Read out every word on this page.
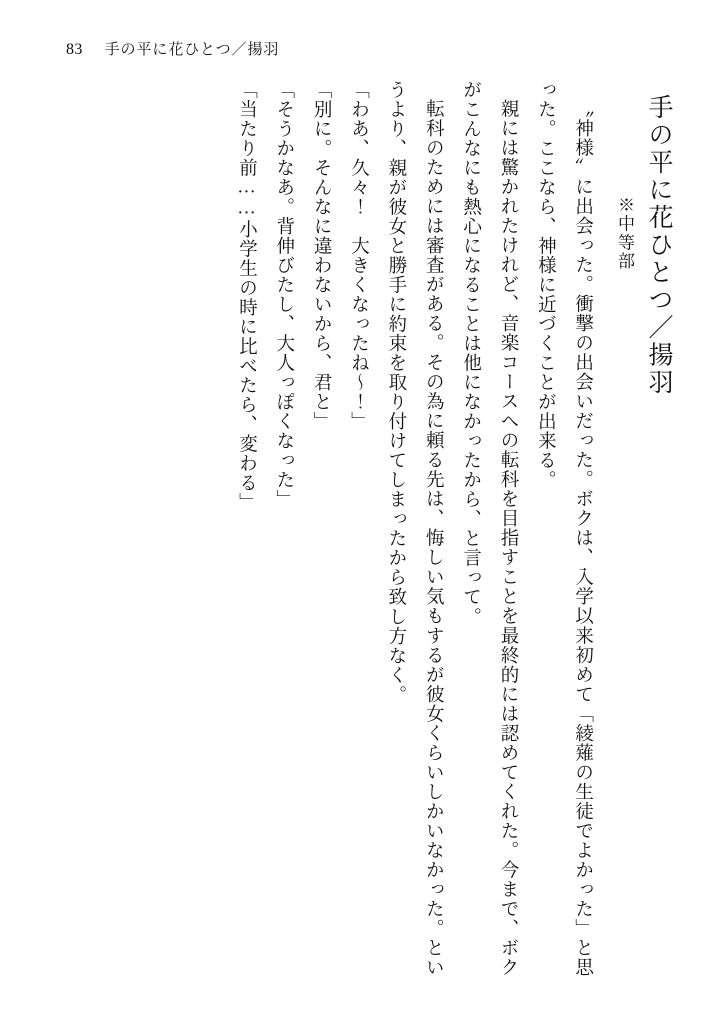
83 手の平に花ひとつ／揚羽
手の平に花ひとつ／揚羽
※中等部

〝神様〟に出会った。衝撃の出会いだった。ボクは、入学以来初めて「綾薙の生徒でよかった」と思った。ここなら、神様に近づくことが出来る。

親には驚かれたけれど、音楽コースへの転科を目指すことを最終的には認めてくれた。今まで、ボクがこんなにも熱心になることは他になかったから、と言って。

転科のためには審査がある。その為に頼る先は、悔しい気もするが彼女くらいしかいなかった。というより、親が彼女と勝手に約束を取り付けてしまったから致し方なく。

「わあ、久々！　大きくなったね〜！」

「別に。そんなに違わないから、君と」

「そうかなあ。背伸びたし、大人っぽくなった」

「当たり前……小学生の時に比べたら、変わる」
